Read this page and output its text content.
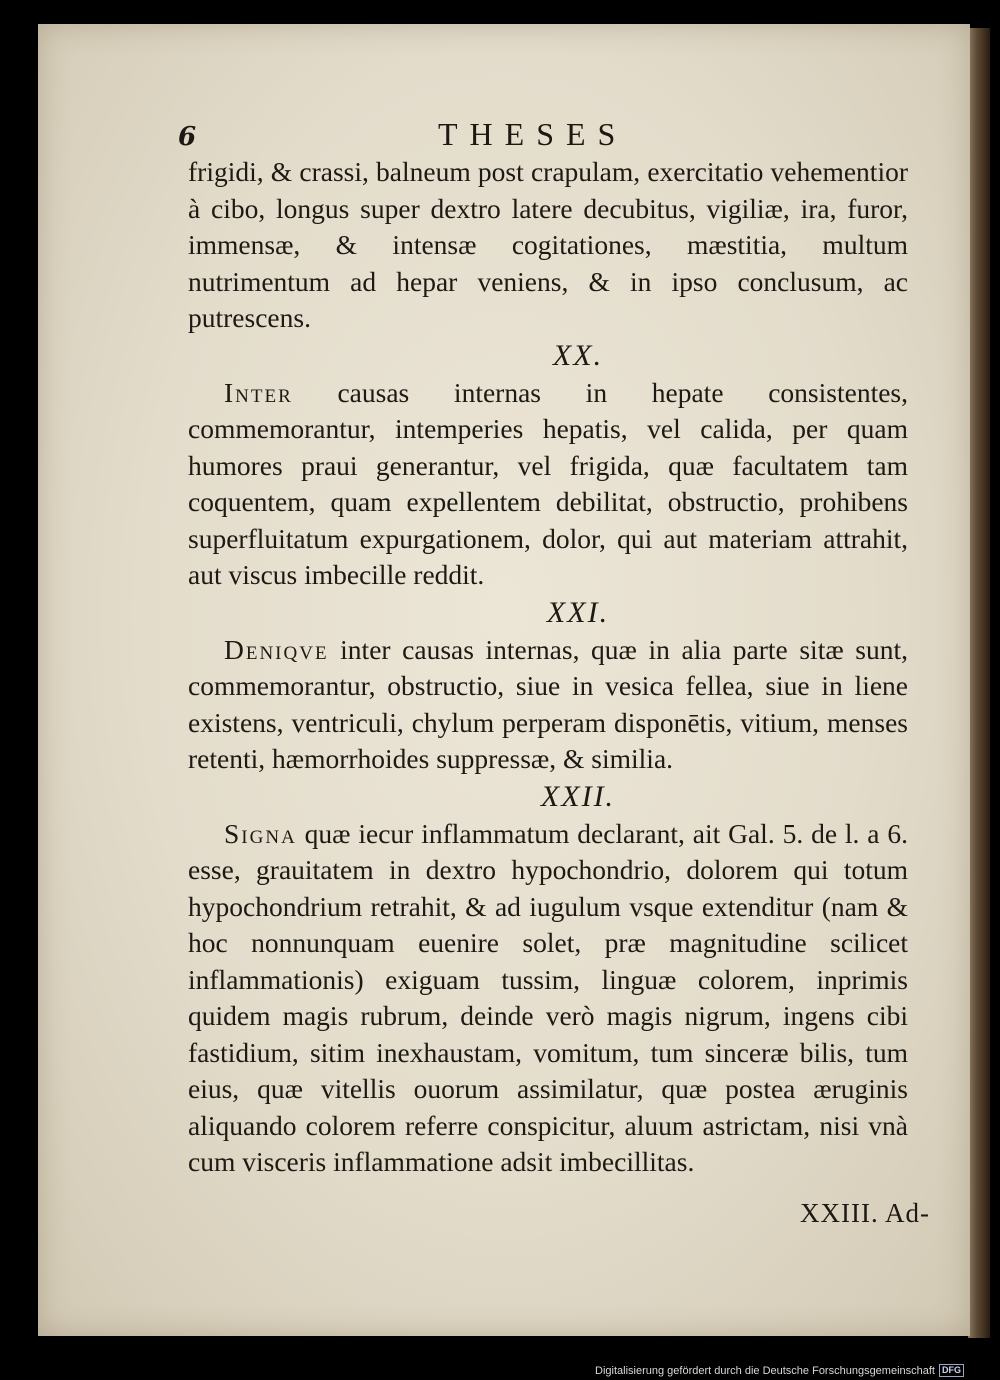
6	THESES

frigidi, & crassi, balneum post crapulam, exercitatio vehementior à cibo, longus super dextro latere decubitus, vigiliæ, ira, furor, immensæ, & intensæ cogitationes, mæstitia, multum nutrimentum ad hepar veniens, & in ipso conclusum, ac putrescens.

XX.

Inter causas internas in hepate consistentes, commemorantur, intemperies hepatis, vel calida, per quam humores praui generantur, vel frigida, quæ facultatem tam coquentem, quam expellentem debilitat, obstructio, prohibens superfluitatum expurgationem, dolor, qui aut materiam attrahit, aut viscus imbecille reddit.

XXI.

Deniqve inter causas internas, quæ in alia parte sitæ sunt, commemorantur, obstructio, siue in vesica fellea, siue in liene existens, ventriculi, chylum perperam disponētis, vitium, menses retenti, hæmorrhoides suppressæ, & similia.

XXII.

Signa quæ iecur inflammatum declarant, ait Gal. 5. de l. a 6. esse, grauitatem in dextro hypochondrio, dolorem qui totum hypochondrium retrahit, & ad iugulum vsque extenditur (nam & hoc nonnunquam euenire solet, præ magnitudine scilicet inflammationis) exiguam tussim, linguæ colorem, inprimis quidem magis rubrum, deinde verò magis nigrum, ingens cibi fastidium, sitim inexhaustam, vomitum, tum sinceræ bilis, tum eius, quæ vitellis ouorum assimilatur, quæ postea æruginis aliquando colorem referre conspicitur, aluum astrictam, nisi vnà cum visceris inflammatione adsit imbecillitas.

XXIII. Ad-
Digitalisierung gefördert durch die Deutsche Forschungsgemeinschaft DFG
